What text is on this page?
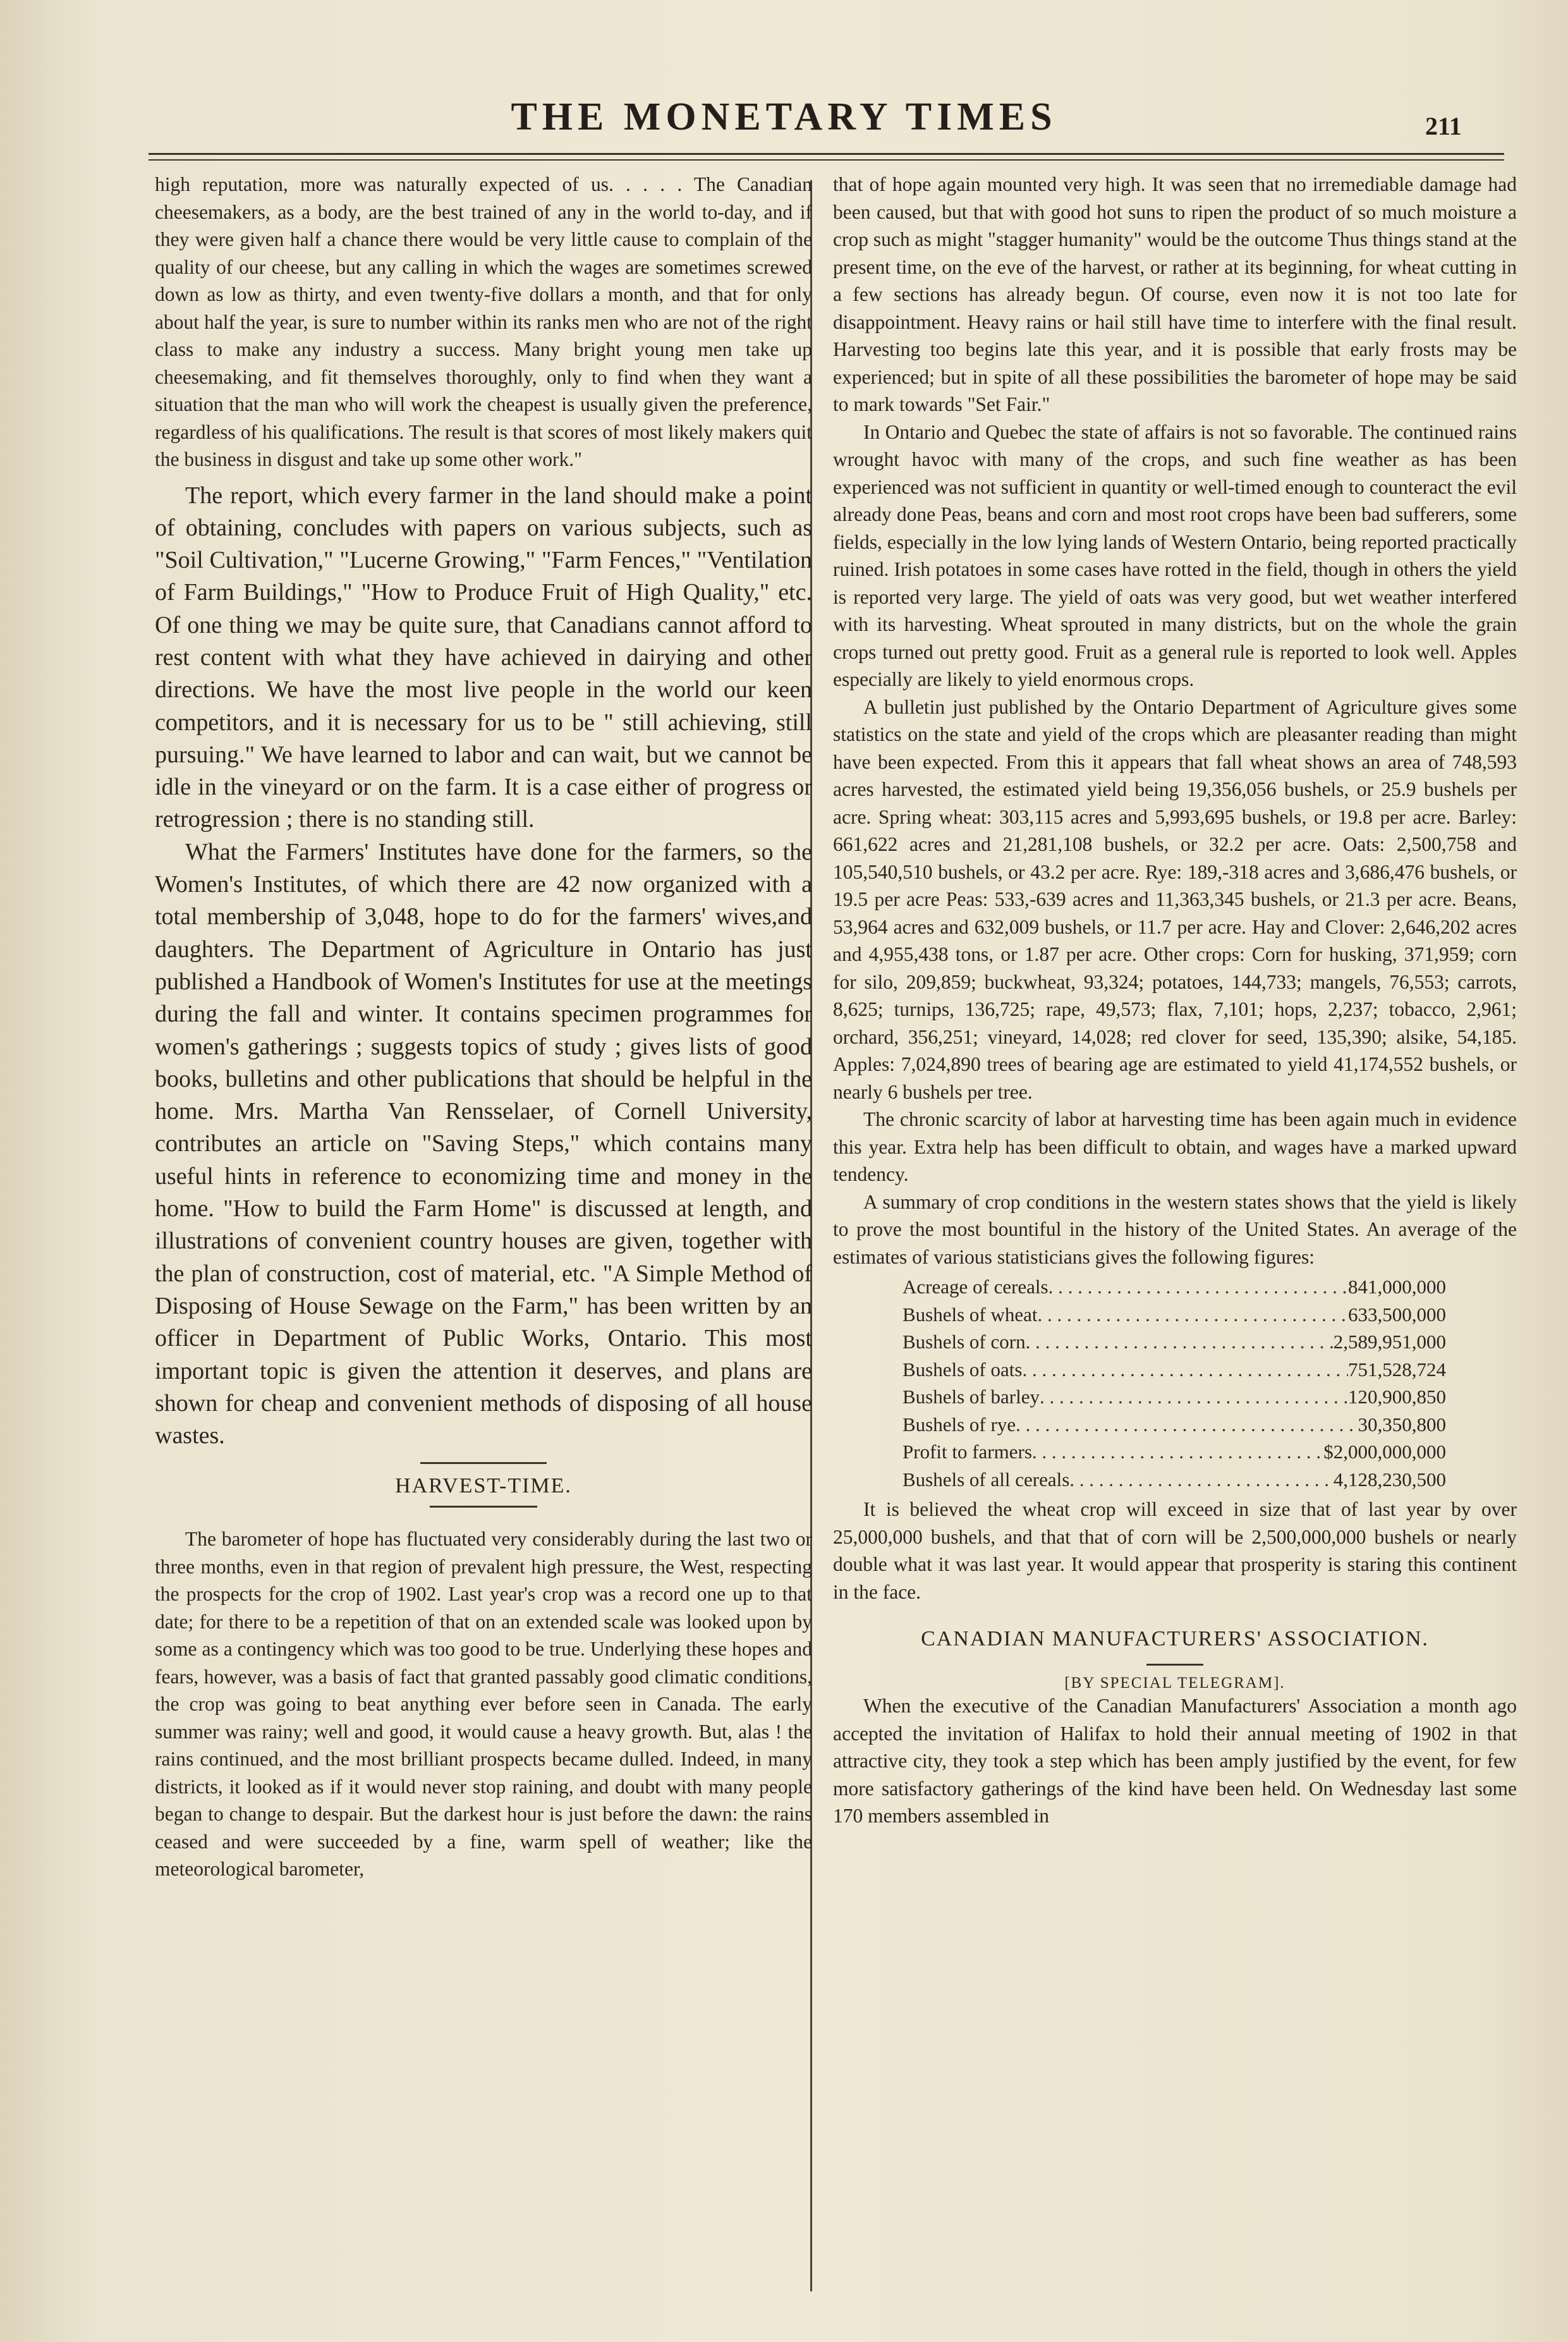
THE MONETARY TIMES	211

high reputation, more was naturally expected of us. . . . . The Canadian cheesemakers, as a body, are the best trained of any in the world to-day, and if they were given half a chance there would be very little cause to complain of the quality of our cheese, but any calling in which the wages are sometimes screwed down as low as thirty, and even twenty-five dollars a month, and that for only about half the year, is sure to number within its ranks men who are not of the right class to make any industry a success. Many bright young men take up cheesemaking, and fit themselves thoroughly, only to find when they want a situation that the man who will work the cheapest is usually given the preference, regardless of his qualifications. The result is that scores of most likely makers quit the business in disgust and take up some other work."

The report, which every farmer in the land should make a point of obtaining, concludes with papers on various subjects, such as "Soil Cultivation," "Lucerne Growing," "Farm Fences," "Ventilation of Farm Buildings," "How to Produce Fruit of High Quality," etc. Of one thing we may be quite sure, that Canadians cannot afford to rest content with what they have achieved in dairying and other directions. We have the most live people in the world our keen competitors, and it is necessary for us to be " still achieving, still pursuing." We have learned to labor and can wait, but we cannot be idle in the vineyard or on the farm. It is a case either of progress or retrogression ; there is no standing still.

What the Farmers' Institutes have done for the farmers, so the Women's Institutes, of which there are 42 now organized with a total membership of 3,048, hope to do for the farmers' wives,and daughters. The Department of Agriculture in Ontario has just published a Handbook of Women's Institutes for use at the meetings during the fall and winter. It contains specimen programmes for women's gatherings ; suggests topics of study ; gives lists of good books, bulletins and other publications that should be helpful in the home. Mrs. Martha Van Rensselaer, of Cornell University, contributes an article on "Saving Steps," which contains many useful hints in reference to economizing time and money in the home. "How to build the Farm Home" is discussed at length, and illustrations of convenient country houses are given, together with the plan of construction, cost of material, etc. "A Simple Method of Disposing of House Sewage on the Farm," has been written by an officer in Department of Public Works, Ontario. This most important topic is given the attention it deserves, and plans are shown for cheap and convenient methods of disposing of all house wastes.

HARVEST-TIME.

The barometer of hope has fluctuated very considerably during the last two or three months, even in that region of prevalent high pressure, the West, respecting the prospects for the crop of 1902. Last year's crop was a record one up to that date; for there to be a repetition of that on an extended scale was looked upon by some as a contingency which was too good to be true. Underlying these hopes and fears, however, was a basis of fact that granted passably good climatic conditions, the crop was going to beat anything ever before seen in Canada. The early summer was rainy; well and good, it would cause a heavy growth. But, alas ! the rains continued, and the most brilliant prospects became dulled. Indeed, in many districts, it looked as if it would never stop raining, and doubt with many people began to change to despair. But the darkest hour is just before the dawn: the rains ceased and were succeeded by a fine, warm spell of weather; like the meteorological barometer,

that of hope again mounted very high. It was seen that no irremediable damage had been caused, but that with good hot suns to ripen the product of so much moisture a crop such as might "stagger humanity" would be the outcome Thus things stand at the present time, on the eve of the harvest, or rather at its beginning, for wheat cutting in a few sections has already begun. Of course, even now it is not too late for disappointment. Heavy rains or hail still have time to interfere with the final result. Harvesting too begins late this year, and it is possible that early frosts may be experienced; but in spite of all these possibilities the barometer of hope may be said to mark towards "Set Fair."

In Ontario and Quebec the state of affairs is not so favorable. The continued rains wrought havoc with many of the crops, and such fine weather as has been experienced was not sufficient in quantity or well-timed enough to counteract the evil already done Peas, beans and corn and most root crops have been bad sufferers, some fields, especially in the low lying lands of Western Ontario, being reported practically ruined. Irish potatoes in some cases have rotted in the field, though in others the yield is reported very large. The yield of oats was very good, but wet weather interfered with its harvesting. Wheat sprouted in many districts, but on the whole the grain crops turned out pretty good. Fruit as a general rule is reported to look well. Apples especially are likely to yield enormous crops.

A bulletin just published by the Ontario Department of Agriculture gives some statistics on the state and yield of the crops which are pleasanter reading than might have been expected. From this it appears that fall wheat shows an area of 748,593 acres harvested, the estimated yield being 19,356,056 bushels, or 25.9 bushels per acre. Spring wheat: 303,115 acres and 5,993,695 bushels, or 19.8 per acre. Barley: 661,622 acres and 21,281,108 bushels, or 32.2 per acre. Oats: 2,500,758 and 105,540,510 bushels, or 43.2 per acre. Rye: 189,-318 acres and 3,686,476 bushels, or 19.5 per acre Peas: 533,-639 acres and 11,363,345 bushels, or 21.3 per acre. Beans, 53,964 acres and 632,009 bushels, or 11.7 per acre. Hay and Clover: 2,646,202 acres and 4,955,438 tons, or 1.87 per acre. Other crops: Corn for husking, 371,959; corn for silo, 209,859; buckwheat, 93,324; potatoes, 144,733; mangels, 76,553; carrots, 8,625; turnips, 136,725; rape, 49,573; flax, 7,101; hops, 2,237; tobacco, 2,961; orchard, 356,251; vineyard, 14,028; red clover for seed, 135,390; alsike, 54,185. Apples: 7,024,890 trees of bearing age are estimated to yield 41,174,552 bushels, or nearly 6 bushels per tree.

The chronic scarcity of labor at harvesting time has been again much in evidence this year. Extra help has been difficult to obtain, and wages have a marked upward tendency.

A summary of crop conditions in the western states shows that the yield is likely to prove the most bountiful in the history of the United States. An average of the estimates of various statisticians gives the following figures:

Acreage of cereals . . .	841,000,000
Bushels of wheat . . .	633,500,000
Bushels of corn . . .	2,589,951,000
Bushels of oats . . .	751,528,724
Bushels of barley . . .	120,900,850
Bushels of rye . . .	30,350,800
Profit to farmers . . .	$2,000,000,000
Bushels of all cereals . . .	4,128,230,500

It is believed the wheat crop will exceed in size that of last year by over 25,000,000 bushels, and that that of corn will be 2,500,000,000 bushels or nearly double what it was last year. It would appear that prosperity is staring this continent in the face.

CANADIAN MANUFACTURERS' ASSOCIATION.

[BY SPECIAL TELEGRAM].

When the executive of the Canadian Manufacturers' Association a month ago accepted the invitation of Halifax to hold their annual meeting of 1902 in that attractive city, they took a step which has been amply justified by the event, for few more satisfactory gatherings of the kind have been held. On Wednesday last some 170 members assembled in
